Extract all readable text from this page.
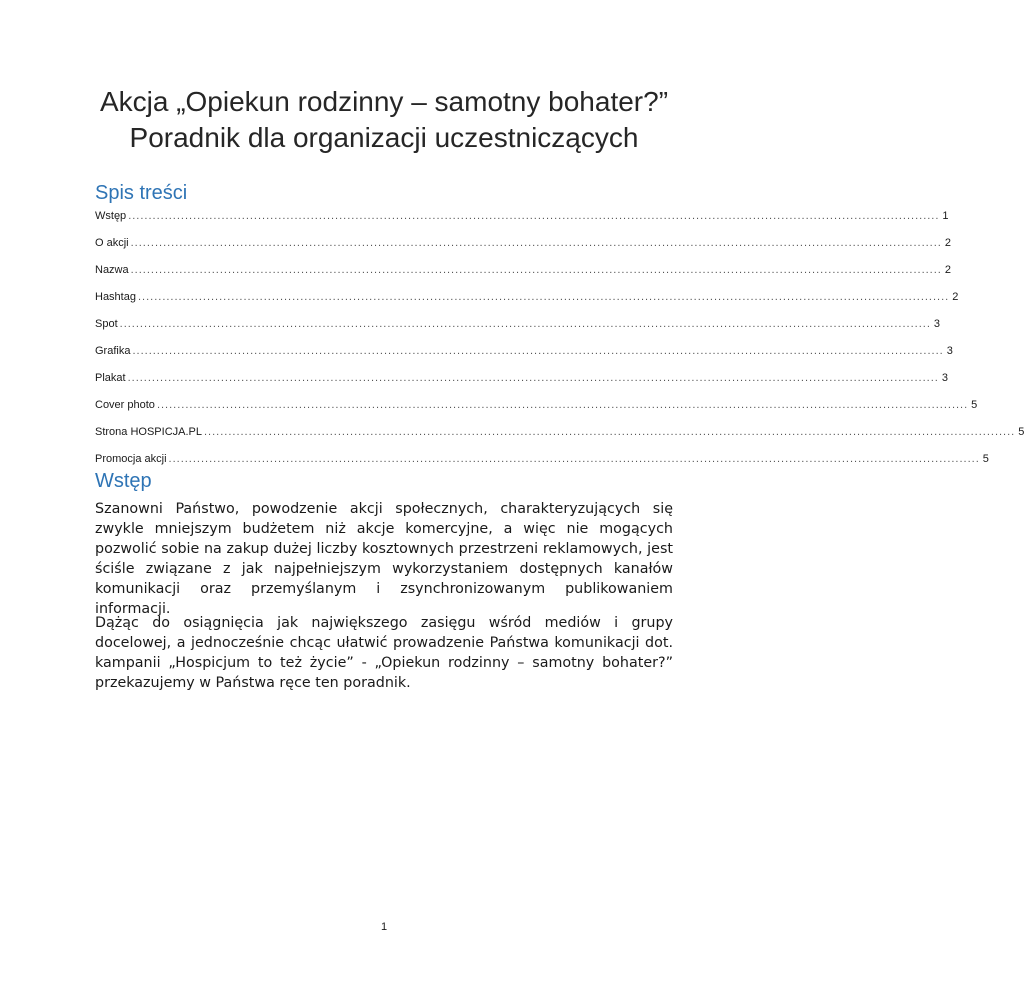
Akcja „Opiekun rodzinny – samotny bohater?”
Poradnik dla organizacji uczestniczących
Spis treści
Wstęp ........................................................................................................................................................................................................ 1
O akcji ........................................................................................................................................................................................................ 2
Nazwa ........................................................................................................................................................................................................ 2
Hashtag ........................................................................................................................................................................................................ 2
Spot ........................................................................................................................................................................................................ 3
Grafika ........................................................................................................................................................................................................ 3
Plakat ........................................................................................................................................................................................................ 3
Cover photo ........................................................................................................................................................................................................ 5
Strona HOSPICJA.PL ........................................................................................................................................................................................................ 5
Promocja akcji ........................................................................................................................................................................................................ 5
Wstęp

Szanowni Państwo, powodzenie akcji społecznych, charakteryzujących się zwykle mniejszym budżetem niż akcje komercyjne, a więc nie mogących pozwolić sobie na zakup dużej liczby kosztownych przestrzeni reklamowych, jest ściśle związane z jak najpełniejszym wykorzystaniem dostępnych kanałów komunikacji oraz przemyślanym i zsynchronizowanym publikowaniem informacji.

Dążąc do osiągnięcia jak największego zasięgu wśród mediów i grupy docelowej, a jednocześnie chcąc ułatwić prowadzenie Państwa komunikacji dot. kampanii „Hospicjum to też życie” - „Opiekun rodzinny – samotny bohater?” przekazujemy w Państwa ręce ten poradnik.

1
